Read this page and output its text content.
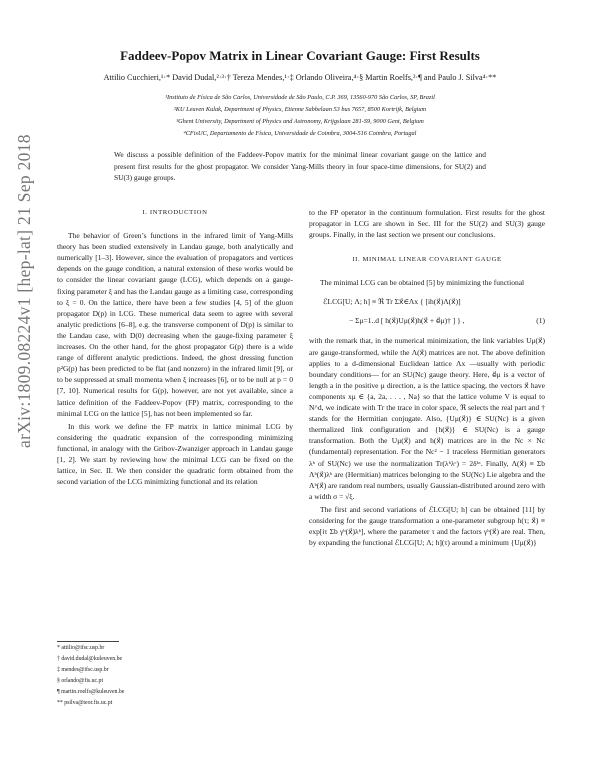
arXiv:1809.08224v1 [hep-lat] 21 Sep 2018
Faddeev-Popov Matrix in Linear Covariant Gauge: First Results
Attilio Cucchieri,¹·* David Dudal,²·³·† Tereza Mendes,¹·‡ Orlando Oliveira,⁴·§ Martin Roelfs,²·¶ and Paulo J. Silva⁴·**
¹Instituto de Física de São Carlos, Universidade de São Paulo, C.P. 369, 13560-970 São Carlos, SP, Brazil
²KU Leuven Kulak, Department of Physics, Etienne Sabbelaan 53 bus 7657, 8500 Kortrijk, Belgium
³Ghent University, Department of Physics and Astronomy, Krijgslaan 281-S9, 9000 Gent, Belgium
⁴CFisUC, Departamento de Física, Universidade de Coimbra, 3004-516 Coimbra, Portugal
We discuss a possible definition of the Faddeev-Popov matrix for the minimal linear covariant gauge on the lattice and present first results for the ghost propagator. We consider Yang-Mills theory in four space-time dimensions, for SU(2) and SU(3) gauge groups.

I. INTRODUCTION

The behavior of Green’s functions in the infrared limit of Yang-Mills theory has been studied extensively in Landau gauge, both analytically and numerically [1–3]. However, since the evaluation of propagators and vertices depends on the gauge condition, a natural extension of these works would be to consider the linear covariant gauge (LCG), which depends on a gauge-fixing parameter ξ and has the Landau gauge as a limiting case, corresponding to ξ = 0. On the lattice, there have been a few studies [4, 5] of the gluon propagator D(p) in LCG. These numerical data seem to agree with several analytic predictions [6–8], e.g. the transverse component of D(p) is similar to the Landau case, with D(0) decreasing when the gauge-fixing parameter ξ increases. On the other hand, for the ghost propagator G(p) there is a wide range of different analytic predictions. Indeed, the ghost dressing function p²G(p) has been predicted to be flat (and nonzero) in the infrared limit [9], or to be suppressed at small momenta when ξ increases [6], or to be null at p = 0 [7, 10]. Numerical results for G(p), however, are not yet available, since a lattice definition of the Faddeev-Popov (FP) matrix, corresponding to the minimal LCG on the lattice [5], has not been implemented so far.

In this work we define the FP matrix in lattice minimal LCG by considering the quadratic expansion of the corresponding minimizing functional, in analogy with the Gribov-Zwanziger approach in Landau gauge [1, 2]. We start by reviewing how the minimal LCG can be fixed on the lattice, in Sec. II. We then consider the quadratic form obtained from the second variation of the LCG minimizing functional and its relation

* attilio@ifsc.usp.br
† david.dudal@kuleuven.be
‡ mendes@ifsc.usp.br
§ orlando@fis.uc.pt
¶ martin.roelfs@kuleuven.be
** psilva@teor.fis.uc.pt

to the FP operator in the continuum formulation. First results for the ghost propagator in LCG are shown in Sec. III for the SU(2) and SU(3) gauge groups. Finally, in the last section we present our conclusions.

II. MINIMAL LINEAR COVARIANT GAUGE

The minimal LCG can be obtained [5] by minimizing the functional

ℰLCG[U; Λ; h] ≡ ℜ Tr Σx⃗∈Λx { [ih(x⃗)Λ(x⃗)]
− Σμ=1..d [ h(x⃗)Uμ(x⃗)h(x⃗ + e⃗μ)† ] } ,	(1)

with the remark that, in the numerical minimization, the link variables Uμ(x⃗) are gauge-transformed, while the Λ(x⃗) matrices are not. The above definition applies to a d-dimensional Euclidean lattice Λx —usually with periodic boundary conditions— for an SU(Nc) gauge theory. Here, e⃗μ is a vector of length a in the positive μ direction, a is the lattice spacing, the vectors x⃗ have components xμ ∈ {a, 2a, . . . , Na} so that the lattice volume V is equal to N^d, we indicate with Tr the trace in color space, ℜ selects the real part and † stands for the Hermitian conjugate. Also, {Uμ(x⃗)} ∈ SU(Nc) is a given thermalized link configuration and {h(x⃗)} ∈ SU(Nc) is a gauge transformation. Both the Uμ(x⃗) and h(x⃗) matrices are in the Nc × Nc (fundamental) representation. For the Nc² − 1 traceless Hermitian generators λᵇ of SU(Nc) we use the normalization Tr(λᵇλᶜ) = 2δᵇᶜ. Finally, Λ(x⃗) ≡ Σb Λᵇ(x⃗)λᵇ are (Hermitian) matrices belonging to the SU(Nc) Lie algebra and the Λᵇ(x⃗) are random real numbers, usually Gaussian-distributed around zero with a width σ = √ξ.

The first and second variations of ℰLCG[U; h] can be obtained [11] by considering for the gauge transformation a one-parameter subgroup h(τ; x⃗) ≡ exp[iτ Σb γᵇ(x⃗)λᵇ], where the parameter τ and the factors γᵇ(x⃗) are real. Then, by expanding the functional ℰLCG[U; Λ; h](τ) around a minimum {Uμ(x⃗)}
